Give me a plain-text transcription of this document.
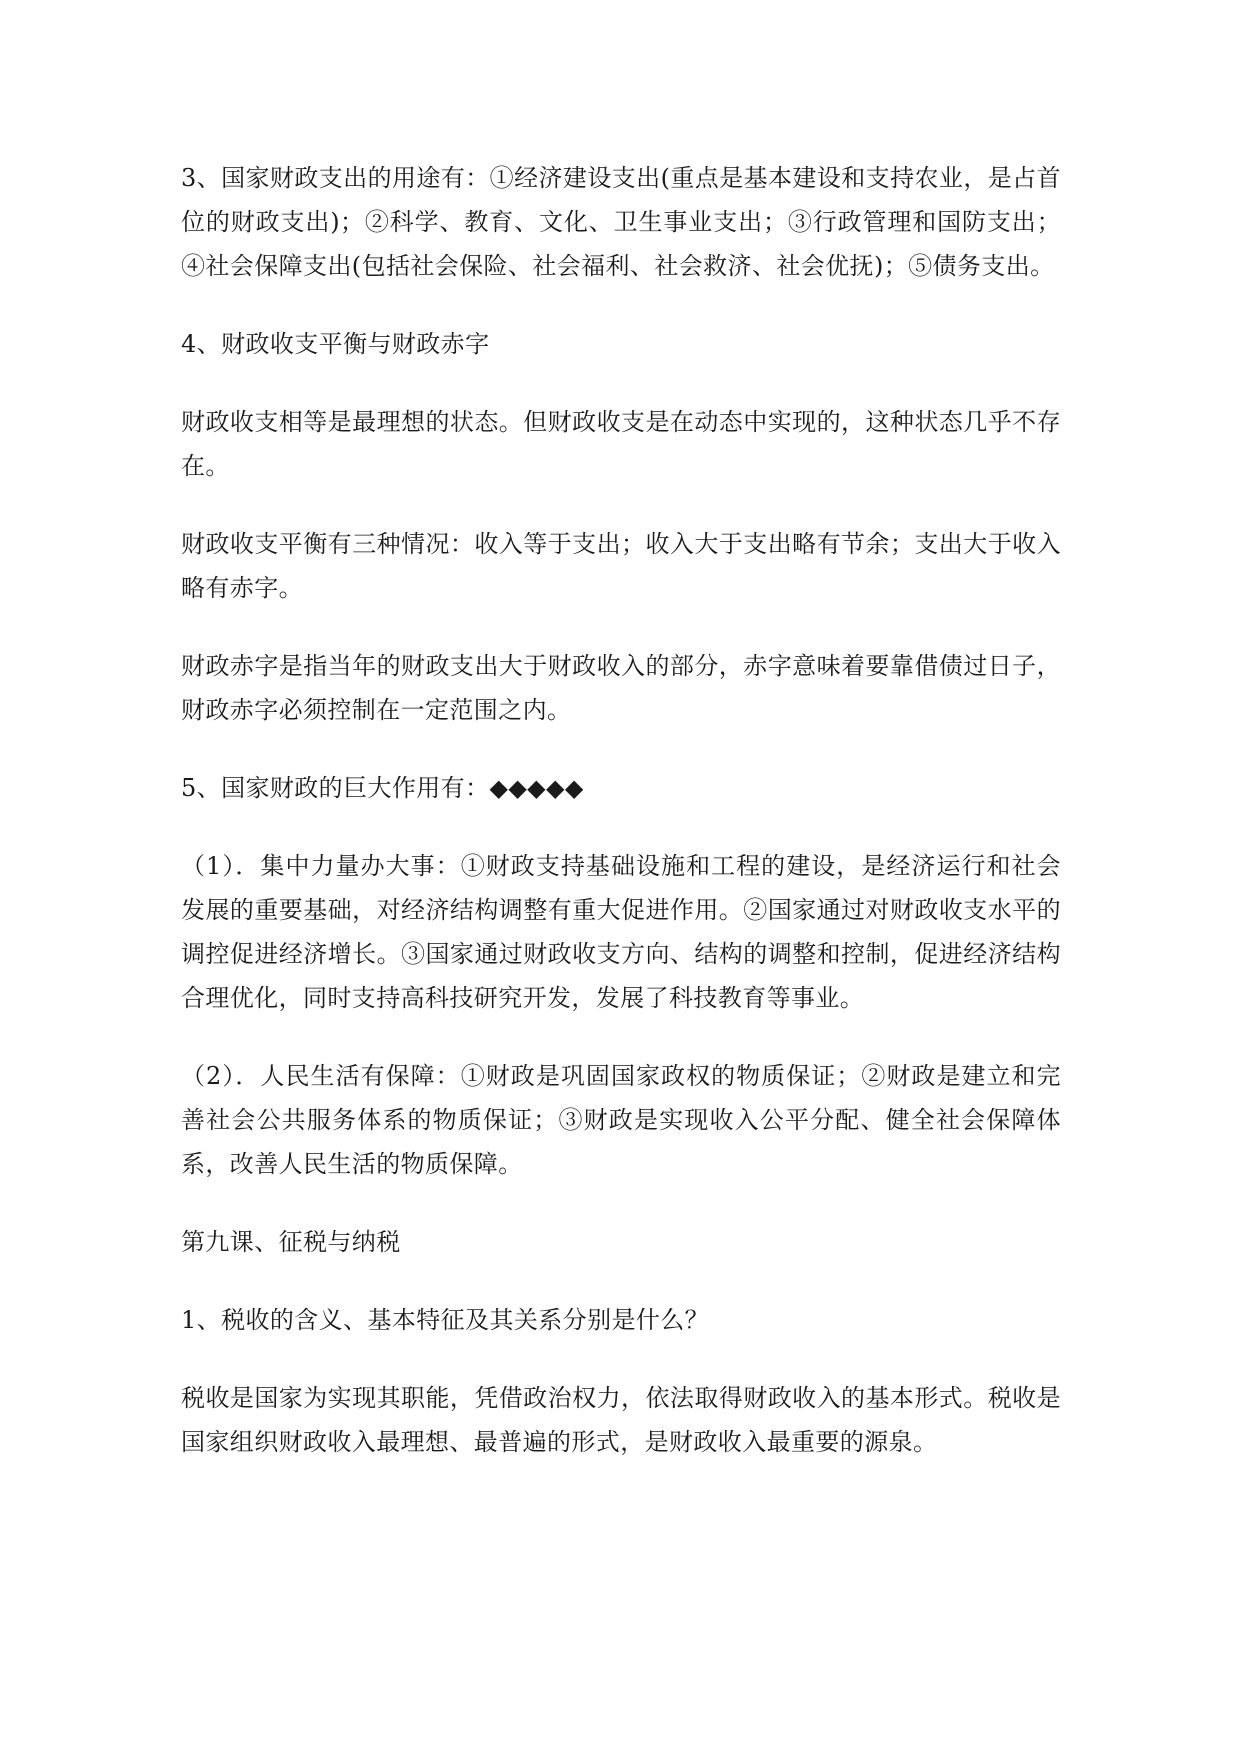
3、国家财政支出的用途有：①经济建设支出(重点是基本建设和支持农业，是占首位的财政支出)；②科学、教育、文化、卫生事业支出；③行政管理和国防支出；④社会保障支出(包括社会保险、社会福利、社会救济、社会优抚)；⑤债务支出。

4、财政收支平衡与财政赤字

财政收支相等是最理想的状态。但财政收支是在动态中实现的，这种状态几乎不存在。

财政收支平衡有三种情况：收入等于支出；收入大于支出略有节余；支出大于收入略有赤字。

财政赤字是指当年的财政支出大于财政收入的部分，赤字意味着要靠借债过日子，财政赤字必须控制在一定范围之内。

5、国家财政的巨大作用有：◆◆◆◆◆

（1）．集中力量办大事：①财政支持基础设施和工程的建设，是经济运行和社会发展的重要基础，对经济结构调整有重大促进作用。②国家通过对财政收支水平的调控促进经济增长。③国家通过财政收支方向、结构的调整和控制，促进经济结构合理优化，同时支持高科技研究开发，发展了科技教育等事业。

（2）．人民生活有保障：①财政是巩固国家政权的物质保证；②财政是建立和完善社会公共服务体系的物质保证；③财政是实现收入公平分配、健全社会保障体系，改善人民生活的物质保障。

第九课、征税与纳税

1、税收的含义、基本特征及其关系分别是什么？

税收是国家为实现其职能，凭借政治权力，依法取得财政收入的基本形式。税收是国家组织财政收入最理想、最普遍的形式，是财政收入最重要的源泉。
